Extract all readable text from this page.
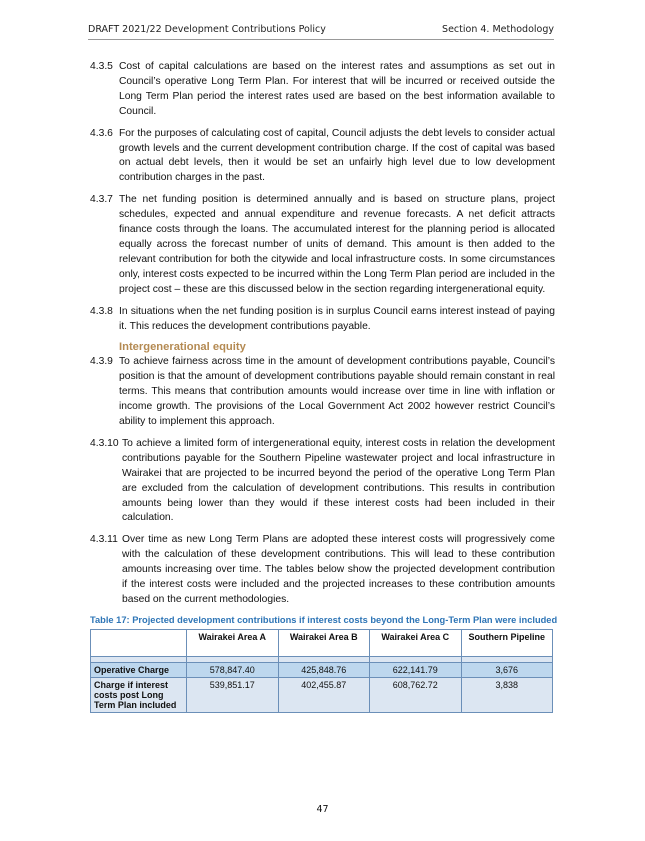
DRAFT 2021/22 Development Contributions Policy	Section 4. Methodology
4.3.5 Cost of capital calculations are based on the interest rates and assumptions as set out in Council’s operative Long Term Plan. For interest that will be incurred or received outside the Long Term Plan period the interest rates used are based on the best information available to Council.
4.3.6 For the purposes of calculating cost of capital, Council adjusts the debt levels to consider actual growth levels and the current development contribution charge. If the cost of capital was based on actual debt levels, then it would be set an unfairly high level due to low development contribution charges in the past.
4.3.7 The net funding position is determined annually and is based on structure plans, project schedules, expected and annual expenditure and revenue forecasts. A net deficit attracts finance costs through the loans. The accumulated interest for the planning period is allocated equally across the forecast number of units of demand. This amount is then added to the relevant contribution for both the citywide and local infrastructure costs. In some circumstances only, interest costs expected to be incurred within the Long Term Plan period are included in the project cost – these are this discussed below in the section regarding intergenerational equity.
4.3.8 In situations when the net funding position is in surplus Council earns interest instead of paying it. This reduces the development contributions payable.
Intergenerational equity
4.3.9 To achieve fairness across time in the amount of development contributions payable, Council’s position is that the amount of development contributions payable should remain constant in real terms. This means that contribution amounts would increase over time in line with inflation or income growth. The provisions of the Local Government Act 2002 however restrict Council’s ability to implement this approach.
4.3.10 To achieve a limited form of intergenerational equity, interest costs in relation the development contributions payable for the Southern Pipeline wastewater project and local infrastructure in Wairakei that are projected to be incurred beyond the period of the operative Long Term Plan are excluded from the calculation of development contributions. This results in contribution amounts being lower than they would if these interest costs had been included in their calculation.
4.3.11 Over time as new Long Term Plans are adopted these interest costs will progressively come with the calculation of these development contributions. This will lead to these contribution amounts increasing over time. The tables below show the projected development contribution if the interest costs were included and the projected increases to these contribution amounts based on the current methodologies.
Table 17: Projected development contributions if interest costs beyond the Long-Term Plan were included
	Wairakei Area A	Wairakei Area B	Wairakei Area C	Southern Pipeline

Operative Charge	578,847.40	425,848.76	622,141.79	3,676
Charge if interest costs post Long Term Plan included	539,851.17	402,455.87	608,762.72	3,838
47
